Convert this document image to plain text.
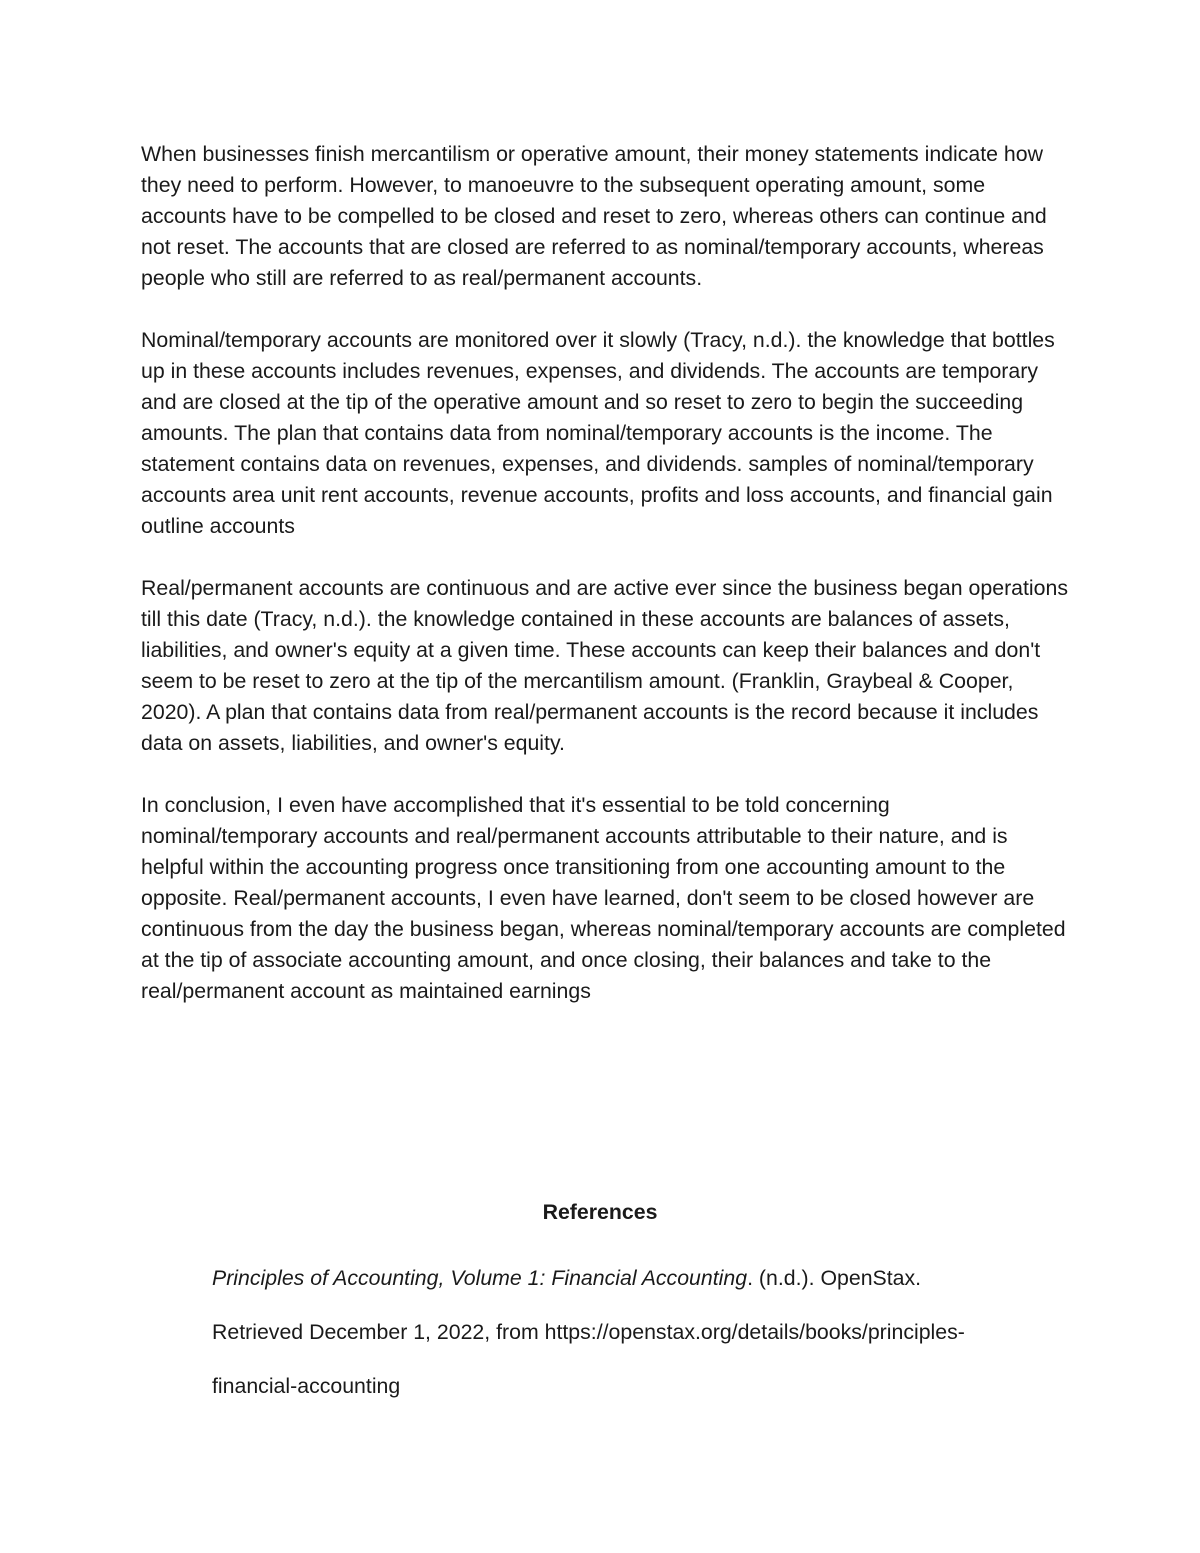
When businesses finish mercantilism or operative amount, their money statements indicate how they need to perform. However, to manoeuvre to the subsequent operating amount, some accounts have to be compelled to be closed and reset to zero, whereas others can continue and not reset. The accounts that are closed are referred to as nominal/temporary accounts, whereas people who still are referred to as real/permanent accounts.

Nominal/temporary accounts are monitored over it slowly (Tracy, n.d.). the knowledge that bottles up in these accounts includes revenues, expenses, and dividends. The accounts are temporary and are closed at the tip of the operative amount and so reset to zero to begin the succeeding amounts. The plan that contains data from nominal/temporary accounts is the income. The statement contains data on revenues, expenses, and dividends. samples of nominal/temporary accounts area unit rent accounts, revenue accounts, profits and loss accounts, and financial gain outline accounts

Real/permanent accounts are continuous and are active ever since the business began operations till this date (Tracy, n.d.). the knowledge contained in these accounts are balances of assets, liabilities, and owner's equity at a given time. These accounts can keep their balances and don't seem to be reset to zero at the tip of the mercantilism amount. (Franklin, Graybeal & Cooper, 2020). A plan that contains data from real/permanent accounts is the record because it includes data on assets, liabilities, and owner's equity.

In conclusion, I even have accomplished that it's essential to be told concerning nominal/temporary accounts and real/permanent accounts attributable to their nature, and is helpful within the accounting progress once transitioning from one accounting amount to the opposite. Real/permanent accounts, I even have learned, don't seem to be closed however are continuous from the day the business began, whereas nominal/temporary accounts are completed at the tip of associate accounting amount, and once closing, their balances and take to the real/permanent account as maintained earnings

References
Principles of Accounting, Volume 1: Financial Accounting. (n.d.). OpenStax.
Retrieved December 1, 2022, from https://openstax.org/details/books/principles-
financial-accounting
